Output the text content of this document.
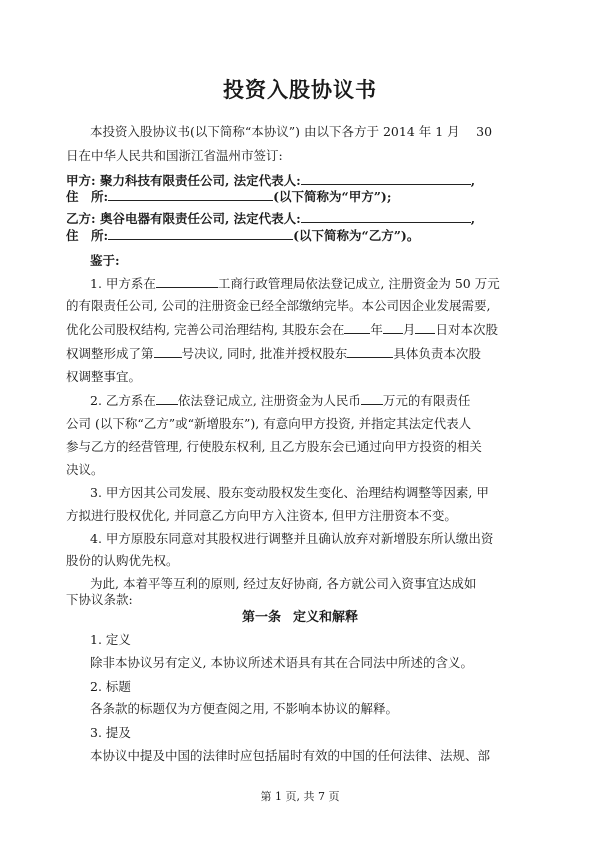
投资入股协议书
本投资入股协议书(以下简称“本协议”) 由以下各方于 2014 年 1 月　 30
日在中华人民共和国浙江省温州市签订:
甲方: 聚力科技有限责任公司, 法定代表人:	,
住　所:	(以下简称为“甲方”);
乙方: 奥谷电器有限责任公司, 法定代表人:	,
住　所:	(以下简称为“乙方”)。
鉴于:
1. 甲方系在	工商行政管理局依法登记成立, 注册资金为 50 万元
的有限责任公司, 公司的注册资金已经全部缴纳完毕。本公司因企业发展需要,
优化公司股权结构, 完善公司治理结构, 其股东会在 年 月 日对本次股
权调整形成了第 号决议, 同时, 批准并授权股东	具体负责本次股
权调整事宜。
2. 乙方系在 依法登记成立, 注册资金为人民币 万元的有限责任
公司 (以下称“乙方”或“新增股东”), 有意向甲方投资, 并指定其法定代表人
参与乙方的经营管理, 行使股东权利, 且乙方股东会已通过向甲方投资的相关
决议。
3. 甲方因其公司发展、股东变动股权发生变化、治理结构调整等因素, 甲
方拟进行股权优化, 并同意乙方向甲方入注资本, 但甲方注册资本不变。
4. 甲方原股东同意对其股权进行调整并且确认放弃对新增股东所认缴出资
股份的认购优先权。
为此, 本着平等互利的原则, 经过友好协商, 各方就公司入资事宜达成如
下协议条款:
第一条 定义和解释
1. 定义
除非本协议另有定义, 本协议所述术语具有其在合同法中所述的含义。
2. 标题
各条款的标题仅为方便查阅之用, 不影响本协议的解释。
3. 提及
本协议中提及中国的法律时应包括届时有效的中国的任何法律、法规、部
第 1 页, 共 7 页
